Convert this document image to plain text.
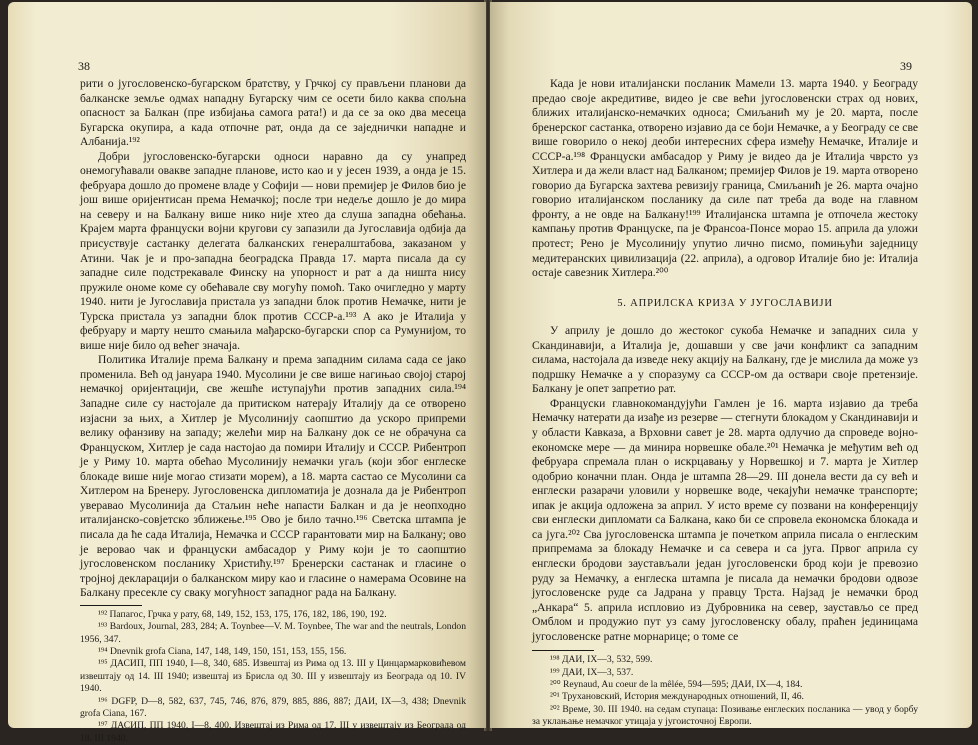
38

рити о југословенско-бугарском братству, у Грчкој су прављени планови да балканске земље одмах нападну Бугарску чим се осети било каква спољна опасност за Балкан (пре избијања самога рата!) и да се за око два месеца Бугарска окупира, а када отпочне рат, онда да се заједнички нападне и Албанија.¹⁹²

Добри југословенско-бугарски односи наравно да су унапред онемогућавали овакве западне планове, исто као и у јесен 1939, а онда је 15. фебруара дошло до промене владе у Софији — нови премијер је Филов био је још више оријентисан према Немачкој; после три недеље дошло је до мира на северу и на Балкану више нико није хтео да слуша западна обећања. Крајем марта француски војни кругови су запазили да Југославија одбија да присуствује састанку делегата балканских генералштабова, заказаном у Атини. Чак је и про-западна београдска Правда 17. марта писала да су западне силе подстрекавале Финску на упорност и рат а да ништа нису пружиле ономе коме су обећавале сву могућу помоћ. Тако очигледно у марту 1940. нити је Југославија пристала уз западни блок против Немачке, нити је Турска пристала уз западни блок против СССР-а.¹⁹³ А ако је Италија у фебруару и марту нешто смањила мађарско-бугарски спор са Румунијом, то више није било од већег значаја.

Политика Италије према Балкану и према западним силама сада се јако променила. Већ од јануара 1940. Мусолини је све више нагињао својој старој немачкој оријентацији, све жешће иступајући против западних сила.¹⁹⁴ Западне силе су настојале да притиском натерају Италију да се отворено изјасни за њих, а Хитлер је Мусолинију саопштио да ускоро припреми велику офанзиву на западу; желећи мир на Балкану док се не обрачуна са Француском, Хитлер је сада настојао да помири Италију и СССР. Рибентроп је у Риму 10. марта обећао Мусолинију немачки угаљ (који због енглеске блокаде више није могао стизати морем), а 18. марта састао се Мусолини са Хитлером на Бренеру. Југословенска дипломатија је дознала да је Рибентроп уверавао Мусолинија да Стаљин неће напасти Балкан и да је неопходно италијанско-совјетско зближење.¹⁹⁵ Ово је било тачно.¹⁹⁶ Светска штампа је писала да ће сада Италија, Немачка и СССР гарантовати мир на Балкану; ово је веровао чак и француски амбасадор у Риму који је то саопштио југословенском посланику Христићу.¹⁹⁷ Бренерски састанак и гласине о тројној декларацији о балканском миру као и гласине о намерама Осовине на Балкану пресекле су сваку могућност западног рада на Балкану.

¹⁹² Папагос, Грчка у рату, 68, 149, 152, 153, 175, 176, 182, 186, 190, 192.

¹⁹³ Bardoux, Journal, 283, 284; A. Toynbee—V. M. Toynbee, The war and the neutrals, London 1956, 347.

¹⁹⁴ Dnevnik grofa Ciana, 147, 148, 149, 150, 151, 153, 155, 156.

¹⁹⁵ ДАСИП, ПП 1940, I—8, 340, 685. Извештај из Рима од 13. III у Цинцармарковићевом извештају од 14. III 1940; извештај из Брисла од 30. III у извештају из Београда од 10. IV 1940.

¹⁹⁶ DGFP, D—8, 582, 637, 745, 746, 876, 879, 885, 886, 887; ДАИ, IX—3, 438; Dnevnik grofa Ciana, 167.

¹⁹⁷ ДАСИП, ПП 1940, I—8, 400. Извештај из Рима од 17. III у извештају из Београда од 18. III 1940.

39

Када је нови италијански посланик Мамели 13. марта 1940. у Београду предао своје акредитиве, видео је све већи југословенски страх од нових, ближих италијанско-немачких односа; Смиљанић му је 20. марта, после бренерског састанка, отворено изјавио да се боји Немачке, а у Београду се све више говорило о некој деоби интересних сфера између Немачке, Италије и СССР-а.¹⁹⁸ Француски амбасадор у Риму је видео да је Италија чврсто уз Хитлера и да жели власт над Балканом; премијер Филов је 19. марта отворено говорио да Бугарска захтева ревизију граница, Смиљанић је 26. марта очајно говорио италијанском посланику да силе пат треба да воде на главном фронту, а не овде на Балкану!¹⁹⁹ Италијанска штампа је отпочела жестоку кампању против Француске, па је Франсоа-Понсе морао 15. априла да уложи протест; Рено је Мусолинију упутио лично писмо, помињући заједницу медитеранских цивилизација (22. априла), а одговор Италије био је: Италија остаје савезник Хитлера.²⁰⁰

5. АПРИЛСКА КРИЗА У ЈУГОСЛАВИЈИ

У априлу је дошло до жестоког сукоба Немачке и западних сила у Скандинавији, а Италија је, дошавши у све јачи конфликт са западним силама, настојала да изведе неку акцију на Балкану, где је мислила да може уз подршку Немачке а у споразуму са СССР-ом да оствари своје претензије. Балкану је опет запретио рат.

Француски главнокомандујући Гамлен је 16. марта изјавио да треба Немачку натерати да изађе из резерве — стегнути блокадом у Скандинавији и у области Кавказа, а Врховни савет је 28. марта одлучио да спроведе војно-економске мере — да минира норвешке обале.²⁰¹ Немачка је међутим већ од фебруара спремала план о искрцавању у Норвешкој и 7. марта је Хитлер одобрио коначни план. Онда је штампа 28—29. III донела вести да су већ и енглески разарачи уловили у норвешке воде, чекајући немачке транспорте; ипак је акција одложена за април. У исто време су позвани на конференцију сви енглески дипломати са Балкана, како би се спровела економска блокада и са југа.²⁰² Сва југословенска штампа је почетком априла писала о енглеским припремама за блокаду Немачке и са севера и са југа. Првог априла су енглески бродови заустављали један југословенски брод који је превозио руду за Немачку, а енглеска штампа је писала да немачки бродови одвозе југословенске руде са Јадрана у правцу Трста. Најзад је немачки брод „Анкара“ 5. априла испловио из Дубровника на север, заустављо се пред Омблом и продужио пут уз саму југословенску обалу, праћен јединицама југословенске ратне морнарице; о томе се

¹⁹⁸ ДАИ, IX—3, 532, 599.

¹⁹⁹ ДАИ, IX—3, 537.

²⁰⁰ Reynaud, Au coeur de la mêlée, 594—595; ДАИ, IX—4, 184.

²⁰¹ Трухановский, История международных отношений, II, 46.

²⁰² Време, 30. III 1940. на седам ступаца: Позивање енглеских посланика — увод у борбу за уклањање немачког утицаја у југоисточној Европи.
